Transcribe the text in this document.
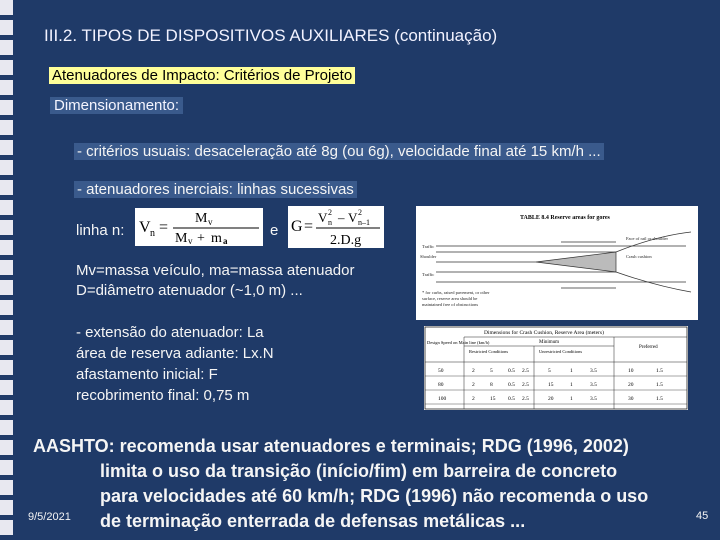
III.2. TIPOS DE DISPOSITIVOS AUXILIARES (continuação)

Atenuadores de Impacto: Critérios de Projeto

Dimensionamento:

- critérios usuais: desaceleração até 8g (ou 6g), velocidade final até 15 km/h ...

- atenuadores inerciais: linhas sucessivas

linha n: V n =
M v
M v + m a

e G =
V 2
n – V 2
n–1
2.D.g
Mv=massa veículo, ma=massa atenuador
D=diâmetro atenuador (~1,0 m) ...
- extensão do atenuador: La
área de reserva adiante: Lx.N
afastamento inicial: F
recobrimento final: 0,75 m
TABLE 8.4 Reserve areas for gores
Traffic
Shoulder
Traffic
Face of rail or shoulder
Crash cushion
* for curbs, raised pavement, or other
surface, reserve area should be
maintained free of obstructions
Dimensions for Crash Cushion, Reserve Area (meters)
Design Speed on Main line (km/h)	Minimum
Preferred
Restricted Conditions	Unrestricted Conditions
50	2	5	0.5 2.5	5	1	3.5	10	1.5
80	2	8	0.5 2.5	15	1	3.5	20	1.5
100	2	15 0.5 2.5	20	1	3.5	30	1.5
AASHTO: recomenda usar atenuadores e terminais; RDG (1996, 2002)
limita o uso da transição (início/fim) em barreira de concreto
para velocidades até 60 km/h; RDG (1996) não recomenda o uso
de terminação enterrada de defensas metálicas ...

9/5/2021	45
